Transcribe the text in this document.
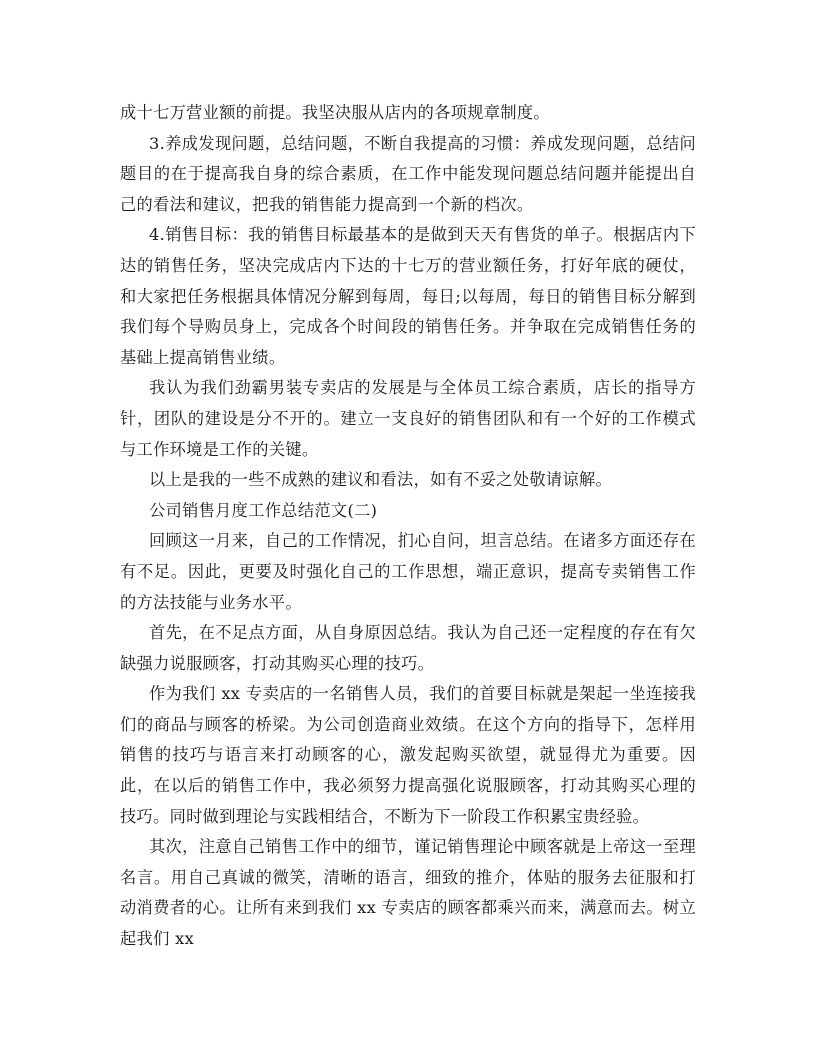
成十七万营业额的前提。我坚决服从店内的各项规章制度。

3.养成发现问题，总结问题，不断自我提高的习惯：养成发现问题，总结问题目的在于提高我自身的综合素质，在工作中能发现问题总结问题并能提出自己的看法和建议，把我的销售能力提高到一个新的档次。

4.销售目标：我的销售目标最基本的是做到天天有售货的单子。根据店内下达的销售任务，坚决完成店内下达的十七万的营业额任务，打好年底的硬仗，和大家把任务根据具体情况分解到每周，每日;以每周，每日的销售目标分解到我们每个导购员身上，完成各个时间段的销售任务。并争取在完成销售任务的基础上提高销售业绩。

我认为我们劲霸男装专卖店的发展是与全体员工综合素质，店长的指导方针，团队的建设是分不开的。建立一支良好的销售团队和有一个好的工作模式与工作环境是工作的关键。

以上是我的一些不成熟的建议和看法，如有不妥之处敬请谅解。

公司销售月度工作总结范文(二)

回顾这一月来，自己的工作情况，扪心自问，坦言总结。在诸多方面还存在有不足。因此，更要及时强化自己的工作思想，端正意识，提高专卖销售工作的方法技能与业务水平。

首先，在不足点方面，从自身原因总结。我认为自己还一定程度的存在有欠缺强力说服顾客，打动其购买心理的技巧。

作为我们 xx 专卖店的一名销售人员，我们的首要目标就是架起一坐连接我们的商品与顾客的桥梁。为公司创造商业效绩。在这个方向的指导下，怎样用销售的技巧与语言来打动顾客的心，激发起购买欲望，就显得尤为重要。因此，在以后的销售工作中，我必须努力提高强化说服顾客，打动其购买心理的技巧。同时做到理论与实践相结合，不断为下一阶段工作积累宝贵经验。

其次，注意自己销售工作中的细节，谨记销售理论中顾客就是上帝这一至理名言。用自己真诚的微笑，清晰的语言，细致的推介，体贴的服务去征服和打动消费者的心。让所有来到我们 xx 专卖店的顾客都乘兴而来，满意而去。树立起我们 xx
